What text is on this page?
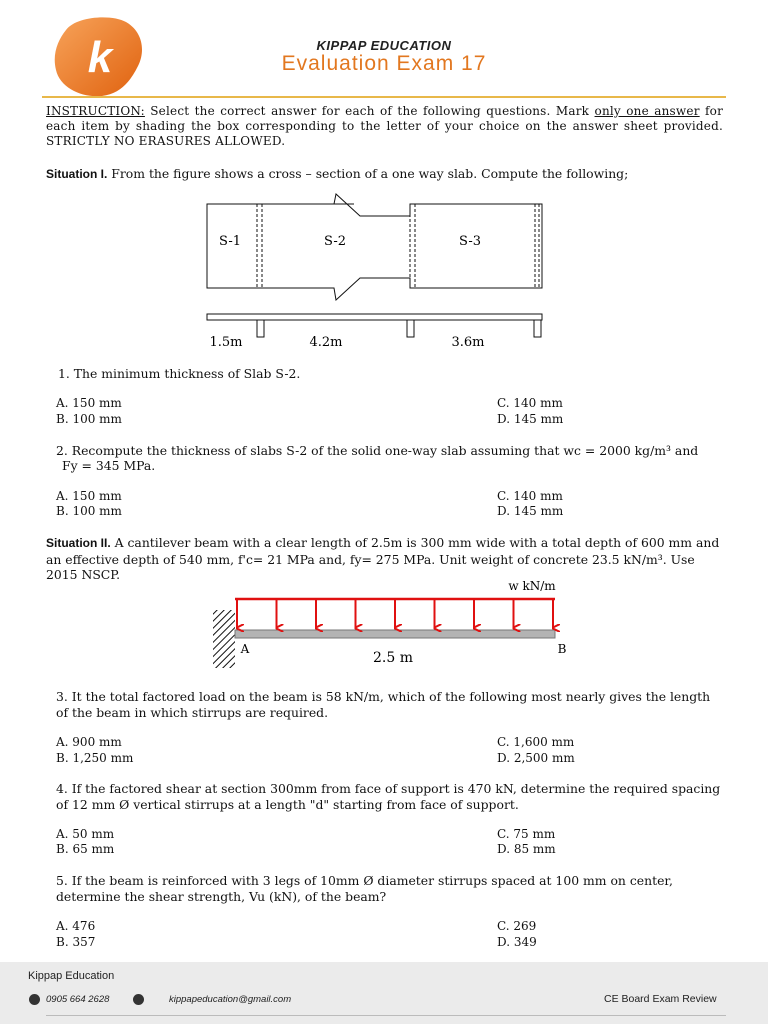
k	KIPPAP EDUCATION
Evaluation Exam 17
INSTRUCTION: Select the correct answer for each of the following questions. Mark only one answer for each item by shading the box corresponding to the letter of your choice on the answer sheet provided. STRICTLY NO ERASURES ALLOWED.
Situation I. From the figure shows a cross – section of a one way slab. Compute the following;
S-1	S-2	S-3
1.5m	4.2m	3.6m
1. The minimum thickness of Slab S-2.
A. 150 mm
B. 100 mm
C. 140 mm
D. 145 mm
2. Recompute the thickness of slabs S-2 of the solid one-way slab assuming that wc = 2000 kg/m³ and
Fy = 345 MPa.
A. 150 mm
B. 100 mm
C. 140 mm
D. 145 mm
Situation II. A cantilever beam with a clear length of 2.5m is 300 mm wide with a total depth of 600 mm and an effective depth of 540 mm, f'c= 21 MPa and, fy= 275 MPa. Unit weight of concrete 23.5 kN/m³. Use 2015 NSCP.
w kN/m
A	B
2.5 m
3. It the total factored load on the beam is 58 kN/m, which of the following most nearly gives the length of the beam in which stirrups are required.
A. 900 mm
B. 1,250 mm
C. 1,600 mm
D. 2,500 mm
4. If the factored shear at section 300mm from face of support is 470 kN, determine the required spacing of 12 mm Ø vertical stirrups at a length "d" starting from face of support.
A. 50 mm
B. 65 mm
C. 75 mm
D. 85 mm
5. If the beam is reinforced with 3 legs of 10mm Ø diameter stirrups spaced at 100 mm on center, determine the shear strength, Vu (kN), of the beam?
A. 476
B. 357
C. 269
D. 349
Kippap Education
0905 664 2628	kippapeducation@gmail.com	CE Board Exam Review
